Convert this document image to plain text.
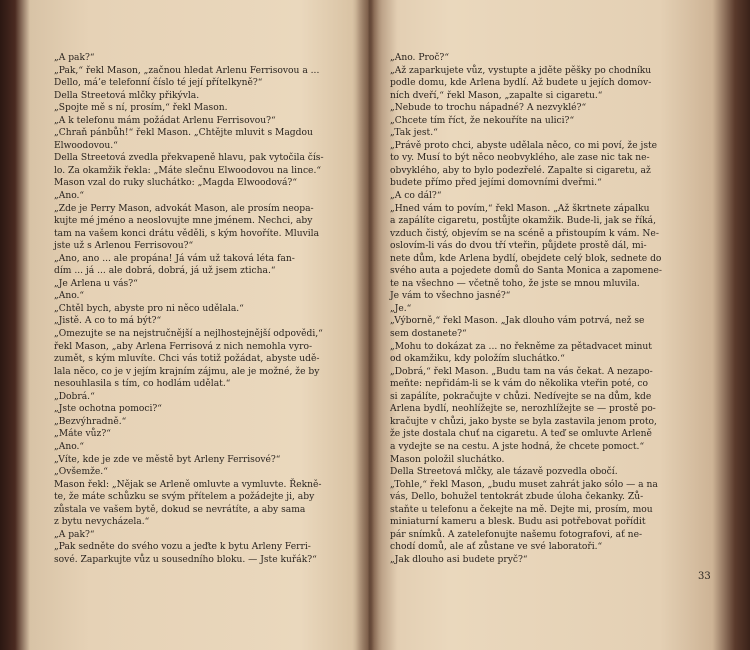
„A pak?“

„Pak,“ řekl Mason, „začnou hledat Arlenu Ferrisovou a ...

Dello, má’e telefonní číslo té její přítelkyně?“

Della Streetová mlčky přikývla.

„Spojte mě s ní, prosím,“ řekl Mason.

„A k telefonu mám požádat Arlenu Ferrisovou?“

„Chraň pánbůh!“ řekl Mason. „Chtějte mluvit s Magdou

Elwoodovou.“

Della Streetová zvedla překvapeně hlavu, pak vytočila čís-

lo. Za okamžik řekla: „Máte slečnu Elwoodovou na lince.“

Mason vzal do ruky sluchátko: „Magda Elwoodová?“

„Ano.“

„Zde je Perry Mason, advokát Mason, ale prosím neopa-

kujte mé jméno a neoslovujte mne jménem. Nechci, aby

tam na vašem konci drátu věděli, s kým hovoříte. Mluvila

jste už s Arlenou Ferrisovou?“

„Ano, ano ... ale propána! Já vám už taková léta fan-

dím ... já ... ale dobrá, dobrá, já už jsem zticha.“

„Je Arlena u vás?“

„Ano.“

„Chtěl bych, abyste pro ni něco udělala.“

„Jistě. A co to má být?“

„Omezujte se na nejstručnější a nejlhostejnější odpovědi,“

řekl Mason, „aby Arlena Ferrisová z nich nemohla vyro-

zumět, s kým mluvíte. Chci vás totiž požádat, abyste udě-

lala něco, co je v jejím krajním zájmu, ale je možné, že by

nesouhlasila s tím, co hodlám udělat.“

„Dobrá.“

„Jste ochotna pomoci?“

„Bezvýhradně.“

„Máte vůz?“

„Ano.“

„Víte, kde je zde ve městě byt Arleny Ferrisové?“

„Ovšemže.“

Mason řekl: „Nějak se Arleně omluvte a vymluvte. Řekně-

te, že máte schůzku se svým přítelem a požádejte ji, aby

zůstala ve vašem bytě, dokud se nevrátíte, a aby samа

z bytu nevycházela.“

„A pak?“

„Pak sedněte do svého vozu a jeďte k bytu Arleny Ferri-

sové. Zaparkujte vůz u sousedního bloku. — Jste kuřák?“

„Ano. Proč?“

„Až zaparkujete vůz, vystupte a jděte pěšky po chodníku

podle domu, kde Arlena bydlí. Až budete u jejích domov-

ních dveří,“ řekl Mason, „zapalte si cigaretu.“

„Nebude to trochu nápadné? A nezvyklé?“

„Chcete tím říct, že nekouříte na ulici?“

„Tak jest.“

„Právě proto chci, abyste udělala něco, co mi poví, že jste

to vy. Musí to být něco neobvyklého, ale zase nic tak ne-

obvyklého, aby to bylo podezřelé. Zapalte si cigaretu, až

budete přímo před jejími domovními dveřmi.“

„A co dál?“

„Hned vám to povím,“ řekl Mason. „Až škrtnete zápalku

a zapálíte cigaretu, postůjte okamžik. Bude-li, jak se říká,

vzduch čistý, objevím se na scéně a přistoupím k vám. Ne-

oslovím-li vás do dvou tří vteřin, půjdete prostě dál, mi-

nete dům, kde Arlena bydlí, obejdete celý blok, sednete do

svého auta a pojedete domů do Santa Monica a zapomene-

te na všechno — včetně toho, že jste se mnou mluvila.

Je vám to všechno jasné?“

„Je.“

„Výborně,“ řekl Mason. „Jak dlouho vám potrvá, než se

sem dostanete?“

„Mohu to dokázat za ... no řekněme za pětadvacet minut

od okamžiku, kdy položím sluchátko.“

„Dobrá,“ řekl Mason. „Budu tam na vás čekat. A nezapo-

meňte: nepřidám-li se k vám do několika vteřin poté, co

si zapálíte, pokračujte v chůzi. Nedívejte se na dům, kde

Arlena bydlí, neohlížejte se, nerozhlížejte se — prostě po-

kračujte v chůzi, jako byste se byla zastavila jenom proto,

že jste dostala chuť na cigaretu. A teď se omluvte Arleně

a vydejte se na cestu. A jste hodná, že chcete pomoct.“

Mason položil sluchátko.

Della Streetová mlčky, ale tázavě pozvedla obočí.

„Tohle,“ řekl Mason, „budu muset zahrát jako sólo — a na

vás, Dello, bohužel tentokrát zbude úloha čekanky. Zů-

staňte u telefonu a čekejte na mě. Dejte mi, prosím, mou

miniaturní kameru a blesk. Budu asi potřebovat pořídit

pár snímků. A zatelefonujte našemu fotografovi, ať ne-

chodí domů, ale ať zůstane ve své laboratoři.“

„Jak dlouho asi budete pryč?“

33
